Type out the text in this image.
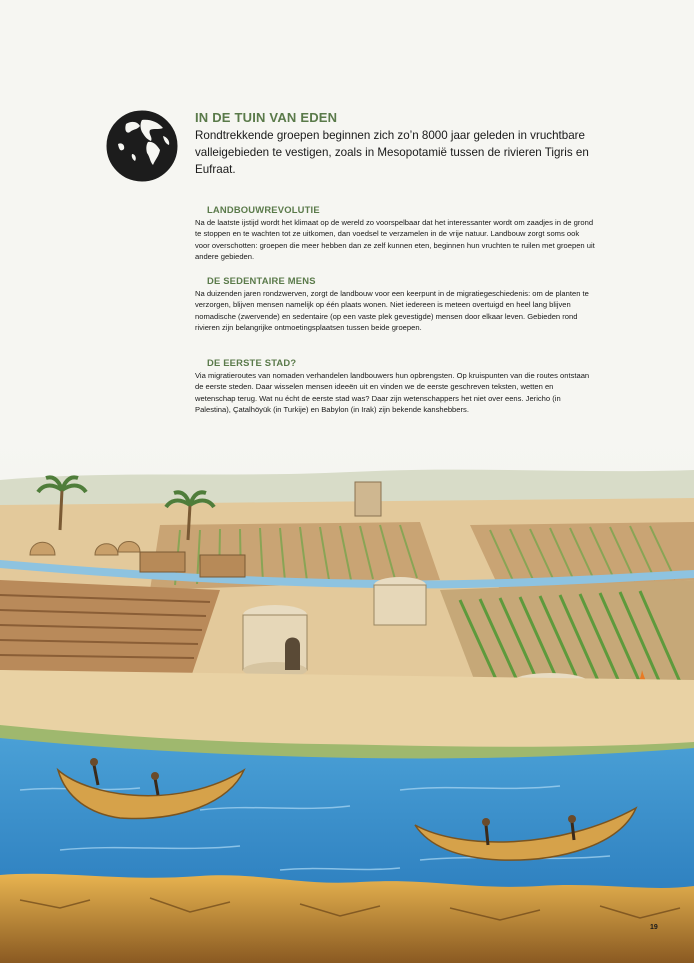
IN DE TUIN VAN EDEN
Rondtrekkende groepen beginnen zich zo’n 8000 jaar geleden in vruchtbare valleigebieden te vestigen, zoals in Mesopotamië tussen de rivieren Tigris en Eufraat.
LANDBOUWREVOLUTIE

Na de laatste ijstijd wordt het klimaat op de wereld zo voorspelbaar dat het interessanter wordt om zaadjes in de grond te stoppen en te wachten tot ze uitkomen, dan voedsel te verzamelen in de vrije natuur. Landbouw zorgt soms ook voor overschotten: groepen die meer hebben dan ze zelf kunnen eten, beginnen hun vruchten te ruilen met groepen uit andere gebieden.

DE SEDENTAIRE MENS

Na duizenden jaren rondzwerven, zorgt de landbouw voor een keerpunt in de migratiegeschiedenis: om de planten te verzorgen, blijven mensen namelijk op één plaats wonen. Niet iedereen is meteen overtuigd en heel lang blijven nomadische (zwervende) en sedentaire (op een vaste plek gevestigde) mensen door elkaar leven. Gebieden rond rivieren zijn belangrijke ontmoetingsplaatsen tussen beide groepen.

DE EERSTE STAD?

Via migratieroutes van nomaden verhandelen landbouwers hun opbrengsten. Op kruispunten van die routes ontstaan de eerste steden. Daar wisselen mensen ideeën uit en vinden we de eerste geschreven teksten, wetten en wetenschap terug. Wat nu écht de eerste stad was? Daar zijn wetenschappers het niet over eens. Jericho (in Palestina), Çatalhöyük (in Turkije) en Babylon (in Irak) zijn bekende kanshebbers.

19
